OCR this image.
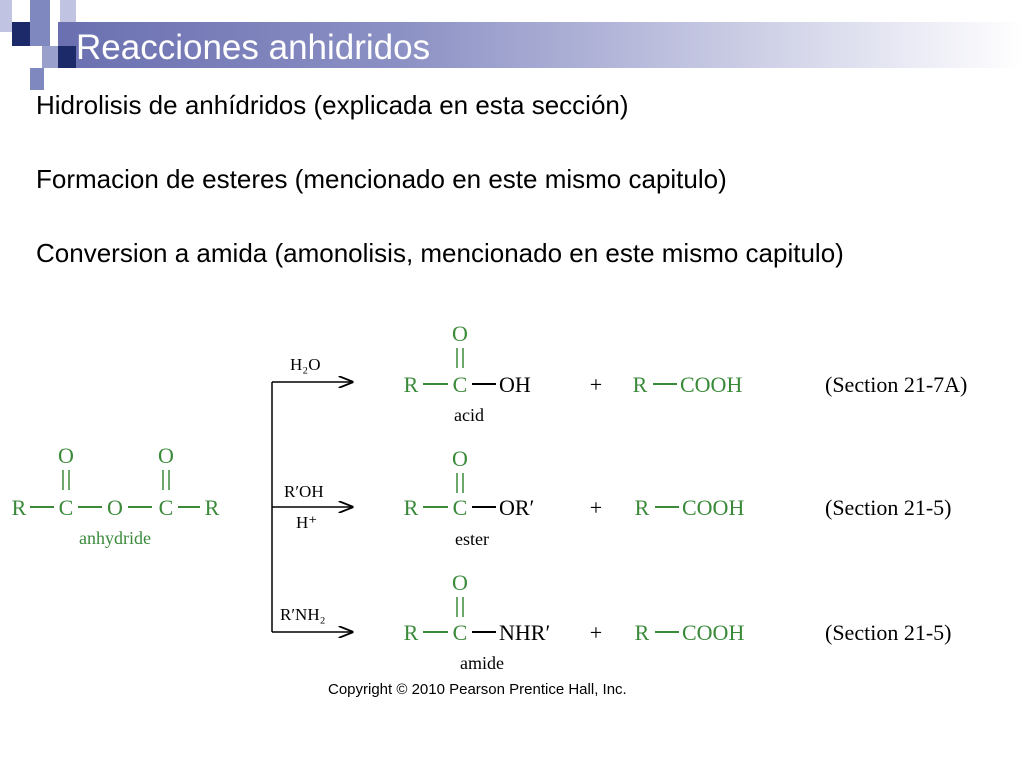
Reacciones anhidridos
Hidrolisis de anhídridos (explicada en esta sección)
Formacion de esteres (mencionado en este mismo capitulo)
Conversion a amida (amonolisis, mencionado en este mismo capitulo)
O	O
R C O C R
anhydride
H₂O
R′OH
H⁺
R′NH₂
O
R C OH
acid
+ R COOH	(Section 21-7A)
O
R C OR′
ester
+ R COOH	(Section 21-5)
O
R C NHR′
amide
+ R COOH	(Section 21-5)
Copyright © 2010 Pearson Prentice Hall, Inc.
